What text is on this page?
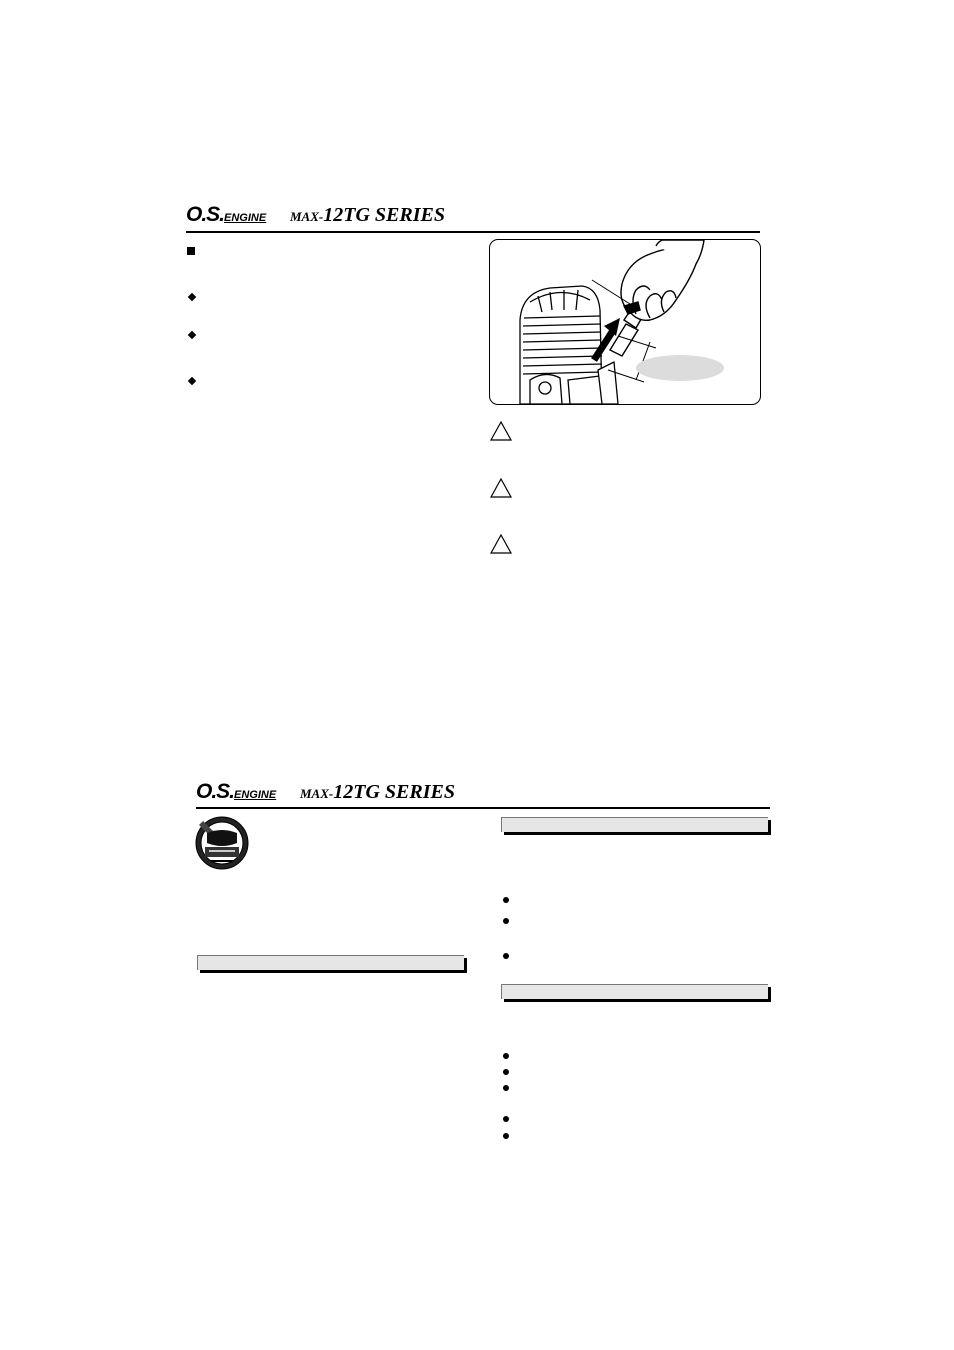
O.S.ENGINE MAX-12TG SERIES
O.S.ENGINE MAX-12TG SERIES
